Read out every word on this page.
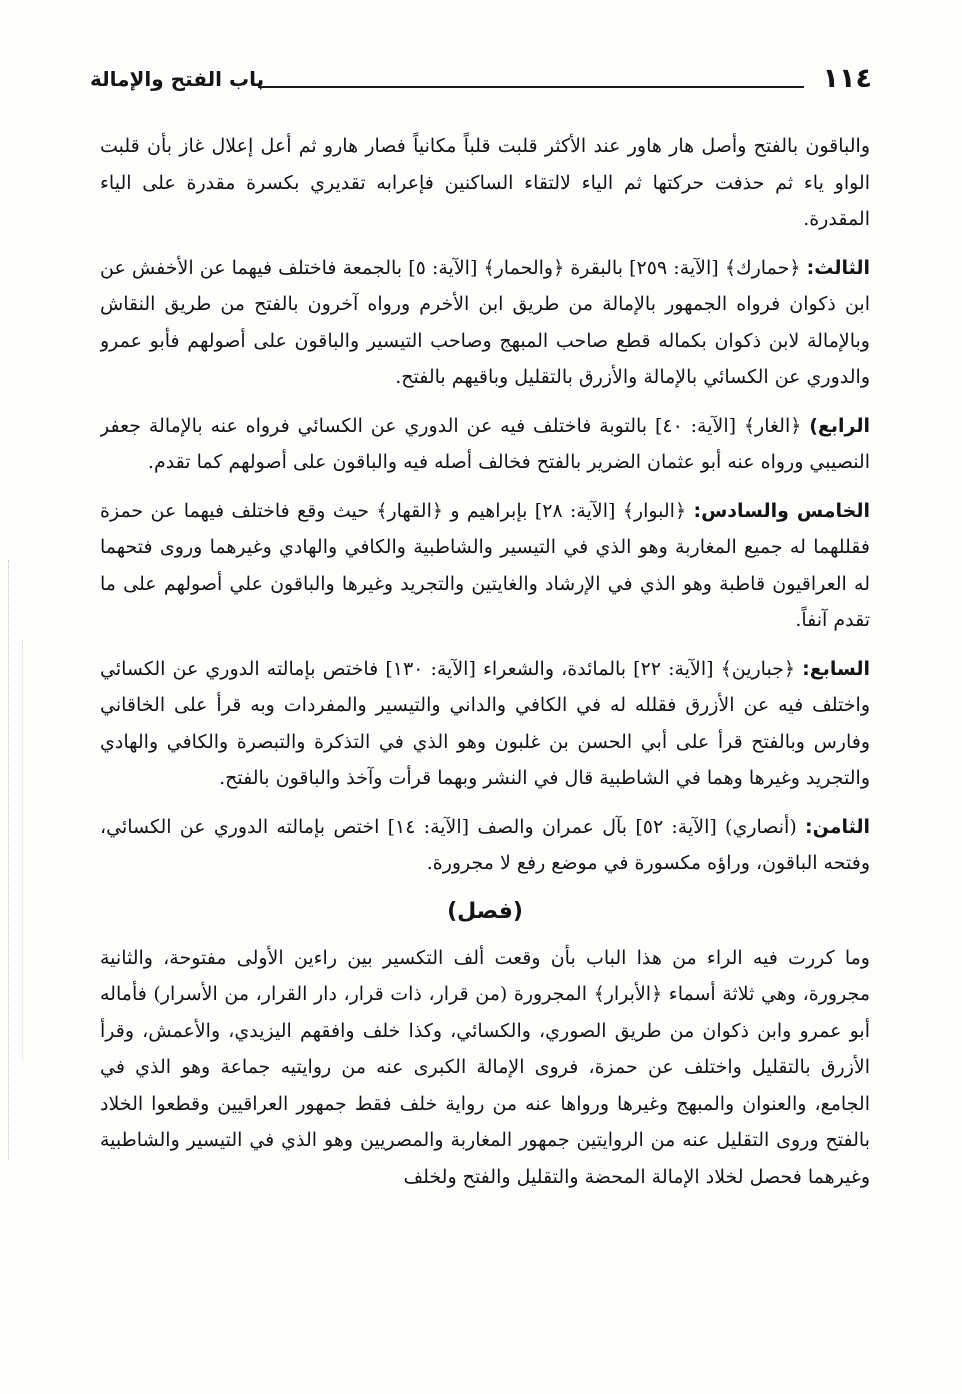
١١٤
باب الفتح والإمالة

والباقون بالفتح وأصل هار هاور عند الأكثر قلبت قلباً مكانياً فصار هارو ثم أعل إعلال غاز بأن قلبت الواو ياء ثم حذفت حركتها ثم الياء لالتقاء الساكنين فإعرابه تقديري بكسرة مقدرة على الياء المقدرة.

الثالث: ﴿حمارك﴾ [الآية: ٢٥٩] بالبقرة ﴿والحمار﴾ [الآية: ٥] بالجمعة فاختلف فيهما عن الأخفش عن ابن ذكوان فرواه الجمهور بالإمالة من طريق ابن الأخرم ورواه آخرون بالفتح من طريق النقاش وبالإمالة لابن ذكوان بكماله قطع صاحب المبهج وصاحب التيسير والباقون على أصولهم فأبو عمرو والدوري عن الكسائي بالإمالة والأزرق بالتقليل وباقيهم بالفتح.

الرابع) ﴿الغار﴾ [الآية: ٤٠] بالتوبة فاختلف فيه عن الدوري عن الكسائي فرواه عنه بالإمالة جعفر النصيبي ورواه عنه أبو عثمان الضرير بالفتح فخالف أصله فيه والباقون على أصولهم كما تقدم.

الخامس والسادس: ﴿البوار﴾ [الآية: ٢٨] بإبراهيم و ﴿القهار﴾ حيث وقع فاختلف فيهما عن حمزة فقللهما له جميع المغاربة وهو الذي في التيسير والشاطبية والكافي والهادي وغيرهما وروى فتحهما له العراقيون قاطبة وهو الذي في الإرشاد والغايتين والتجريد وغيرها والباقون علي أصولهم على ما تقدم آنفاً.

السابع: ﴿جبارين﴾ [الآية: ٢٢] بالمائدة، والشعراء [الآية: ١٣٠] فاختص بإمالته الدوري عن الكسائي واختلف فيه عن الأزرق فقلله له في الكافي والداني والتيسير والمفردات وبه قرأ على الخاقاني وفارس وبالفتح قرأ على أبي الحسن بن غلبون وهو الذي في التذكرة والتبصرة والكافي والهادي والتجريد وغيرها وهما في الشاطبية قال في النشر وبهما قرأت وآخذ والباقون بالفتح.

الثامن: (أنصاري) [الآية: ٥٢] بآل عمران والصف [الآية: ١٤] اختص بإمالته الدوري عن الكسائي، وفتحه الباقون، وراؤه مكسورة في موضع رفع لا مجرورة.

(فصل)

وما كررت فيه الراء من هذا الباب بأن وقعت ألف التكسير بين راءين الأولى مفتوحة، والثانية مجرورة، وهي ثلاثة أسماء ﴿الأبرار﴾ المجرورة (من قرار، ذات قرار، دار القرار، من الأسرار) فأماله أبو عمرو وابن ذكوان من طريق الصوري، والكسائي، وكذا خلف وافقهم اليزيدي، والأعمش، وقرأ الأزرق بالتقليل واختلف عن حمزة، فروى الإمالة الكبرى عنه من روايتيه جماعة وهو الذي في الجامع، والعنوان والمبهج وغيرها ورواها عنه من رواية خلف فقط جمهور العراقيين وقطعوا الخلاد بالفتح وروى التقليل عنه من الروايتين جمهور المغاربة والمصريين وهو الذي في التيسير والشاطبية وغيرهما فحصل لخلاد الإمالة المحضة والتقليل والفتح ولخلف
